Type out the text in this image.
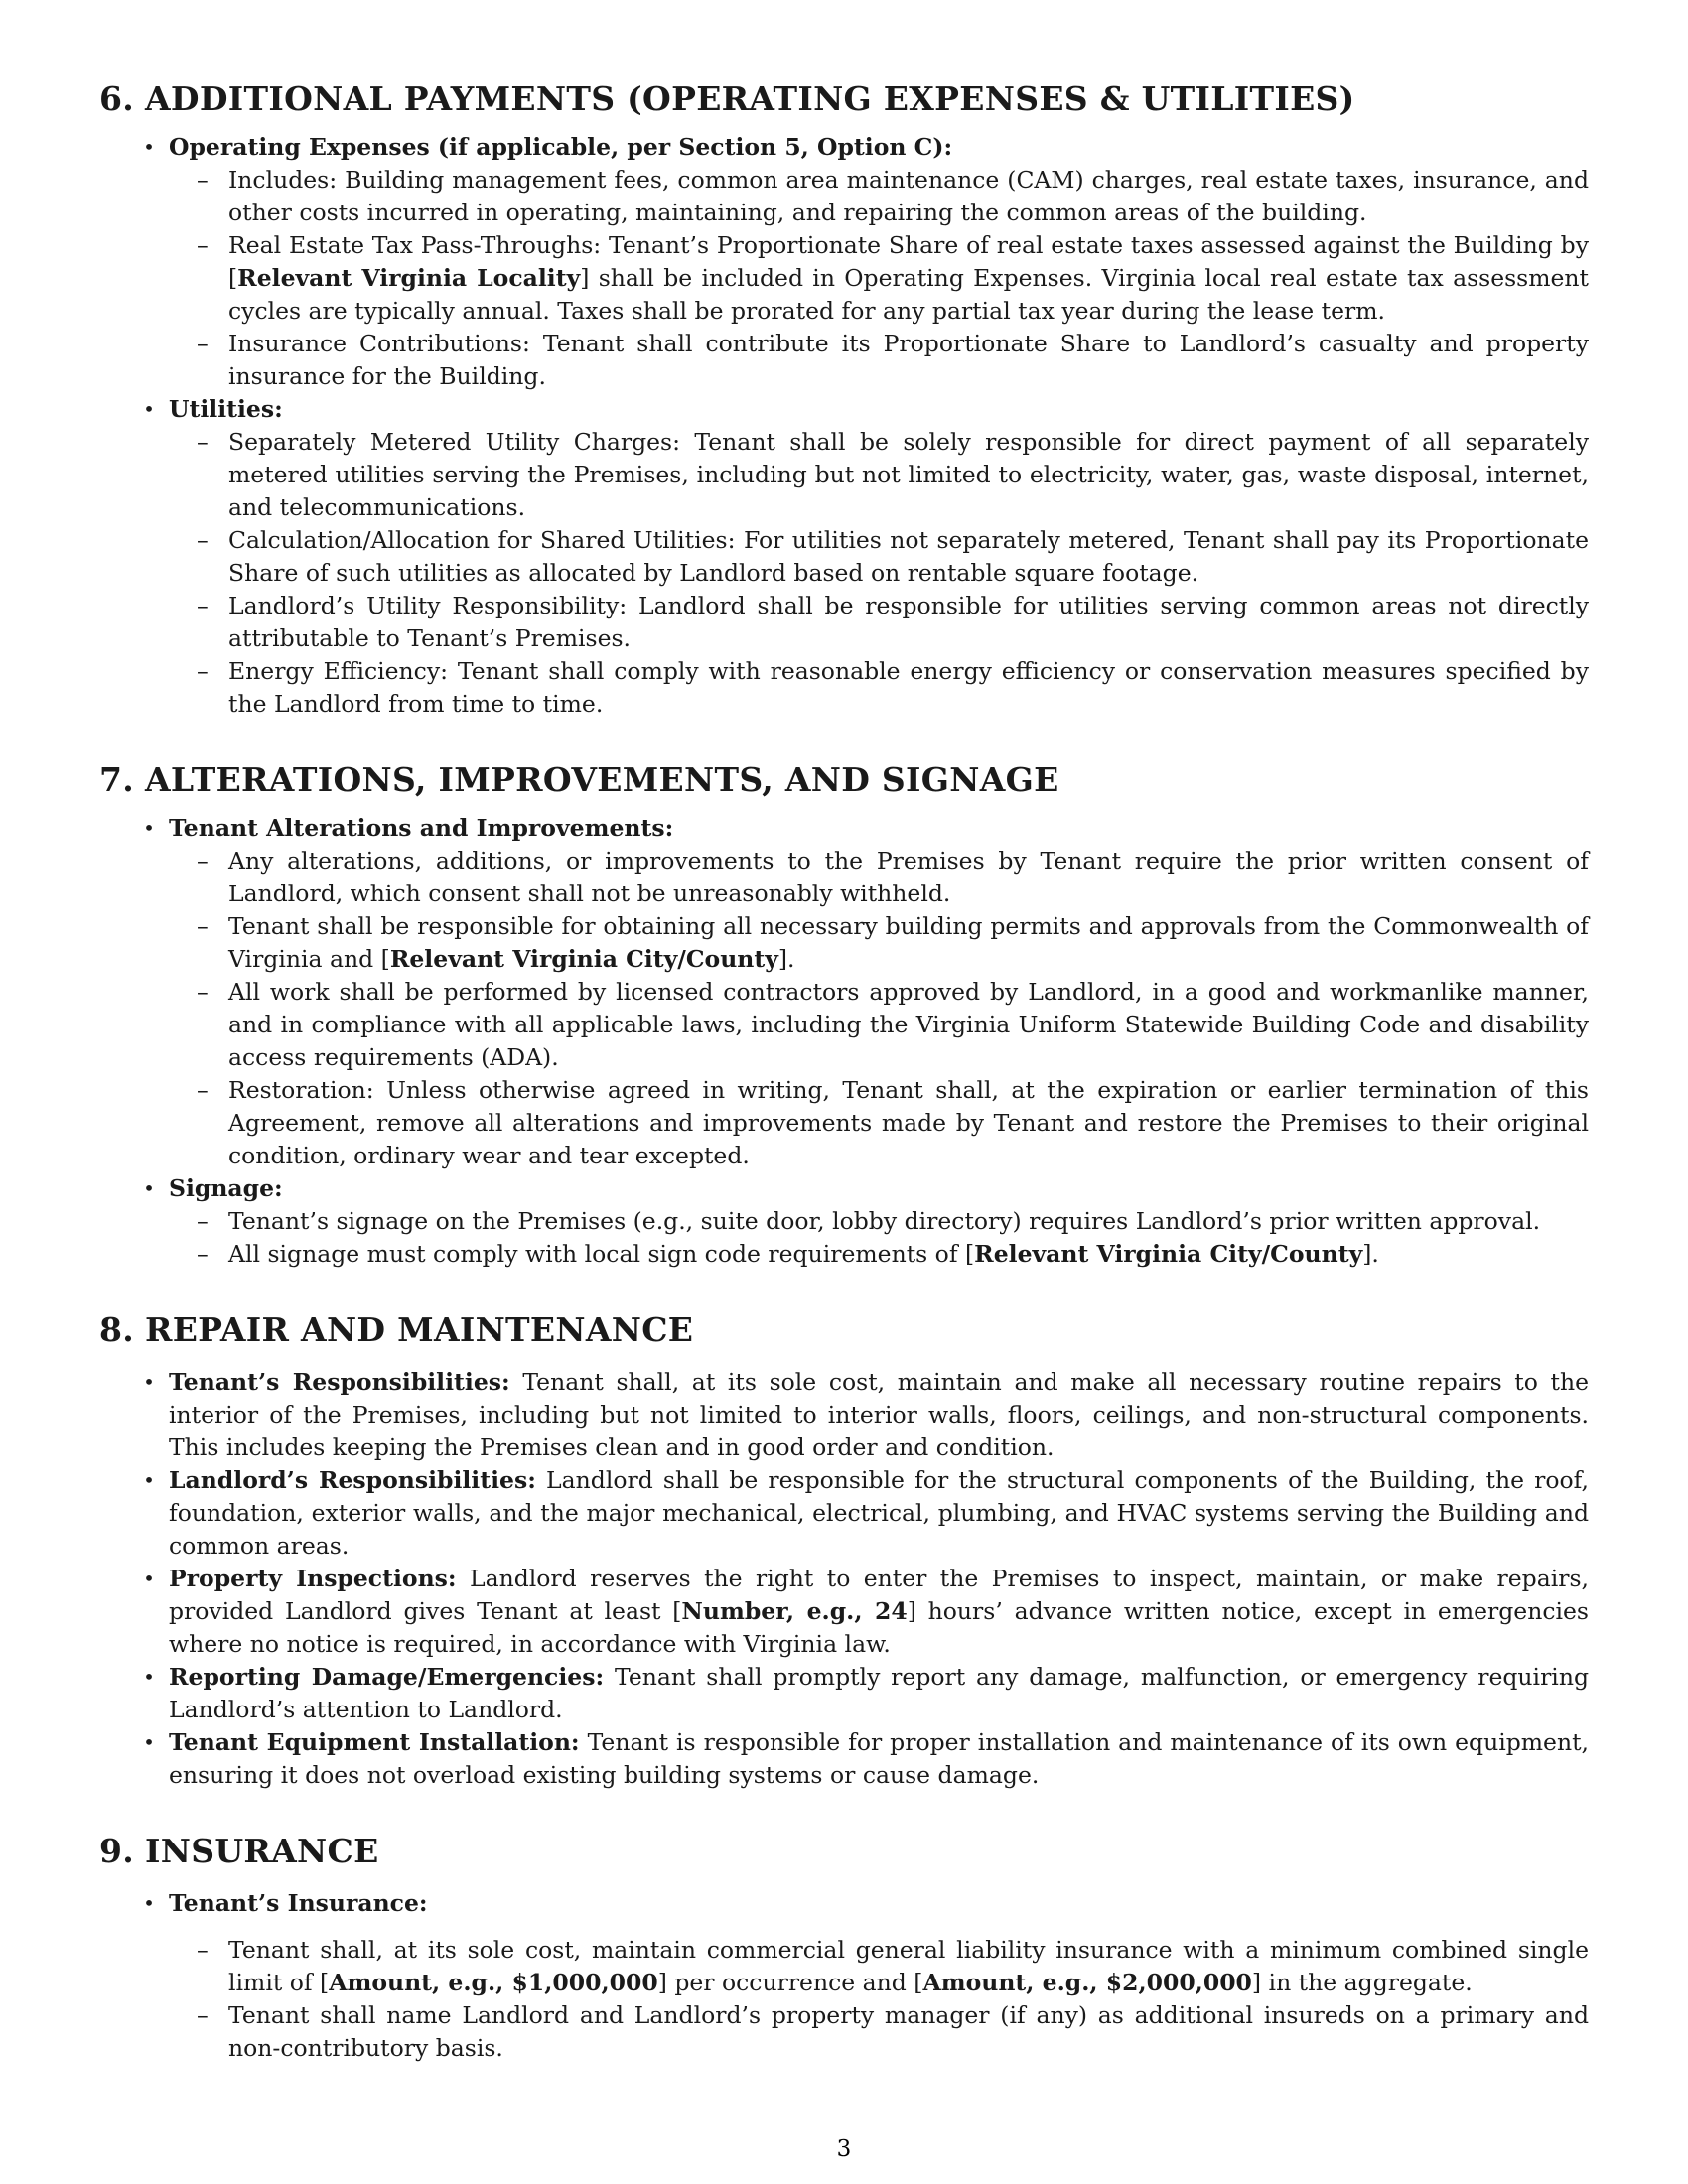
6. ADDITIONAL PAYMENTS (OPERATING EXPENSES & UTILITIES)
• Operating Expenses (if applicable, per Section 5, Option C):
– Includes: Building management fees, common area maintenance (CAM) charges, real estate taxes, insurance, and other costs incurred in operating, maintaining, and repairing the common areas of the building.
– Real Estate Tax Pass-Throughs: Tenant’s Proportionate Share of real estate taxes assessed against the Building by [Relevant Virginia Locality] shall be included in Operating Expenses. Virginia local real estate tax assessment cycles are typically annual. Taxes shall be prorated for any partial tax year during the lease term.
– Insurance Contributions: Tenant shall contribute its Proportionate Share to Landlord’s casualty and property insurance for the Building.
• Utilities:
– Separately Metered Utility Charges: Tenant shall be solely responsible for direct payment of all separately metered utilities serving the Premises, including but not limited to electricity, water, gas, waste disposal, internet, and telecommunications.
– Calculation/Allocation for Shared Utilities: For utilities not separately metered, Tenant shall pay its Proportionate Share of such utilities as allocated by Landlord based on rentable square footage.
– Landlord’s Utility Responsibility: Landlord shall be responsible for utilities serving common areas not directly attributable to Tenant’s Premises.
– Energy Efficiency: Tenant shall comply with reasonable energy efficiency or conservation measures specified by the Landlord from time to time.
7. ALTERATIONS, IMPROVEMENTS, AND SIGNAGE
• Tenant Alterations and Improvements:
– Any alterations, additions, or improvements to the Premises by Tenant require the prior written consent of Landlord, which consent shall not be unreasonably withheld.
– Tenant shall be responsible for obtaining all necessary building permits and approvals from the Commonwealth of Virginia and [Relevant Virginia City/County].
– All work shall be performed by licensed contractors approved by Landlord, in a good and workmanlike manner, and in compliance with all applicable laws, including the Virginia Uniform Statewide Building Code and disability access requirements (ADA).
– Restoration: Unless otherwise agreed in writing, Tenant shall, at the expiration or earlier termination of this Agreement, remove all alterations and improvements made by Tenant and restore the Premises to their original condition, ordinary wear and tear excepted.
• Signage:
– Tenant’s signage on the Premises (e.g., suite door, lobby directory) requires Landlord’s prior written approval.
– All signage must comply with local sign code requirements of [Relevant Virginia City/County].
8. REPAIR AND MAINTENANCE
• Tenant’s Responsibilities: Tenant shall, at its sole cost, maintain and make all necessary routine repairs to the interior of the Premises, including but not limited to interior walls, floors, ceilings, and non-structural components. This includes keeping the Premises clean and in good order and condition.
• Landlord’s Responsibilities: Landlord shall be responsible for the structural components of the Building, the roof, foundation, exterior walls, and the major mechanical, electrical, plumbing, and HVAC systems serving the Building and common areas.
• Property Inspections: Landlord reserves the right to enter the Premises to inspect, maintain, or make repairs, provided Landlord gives Tenant at least [Number, e.g., 24] hours’ advance written notice, except in emergencies where no notice is required, in accordance with Virginia law.
• Reporting Damage/Emergencies: Tenant shall promptly report any damage, malfunction, or emergency requiring Landlord’s attention to Landlord.
• Tenant Equipment Installation: Tenant is responsible for proper installation and maintenance of its own equipment, ensuring it does not overload existing building systems or cause damage.
9. INSURANCE
• Tenant’s Insurance:
– Tenant shall, at its sole cost, maintain commercial general liability insurance with a minimum combined single limit of [Amount, e.g., $1,000,000] per occurrence and [Amount, e.g., $2,000,000] in the aggregate.
– Tenant shall name Landlord and Landlord’s property manager (if any) as additional insureds on a primary and non-contributory basis.
3
